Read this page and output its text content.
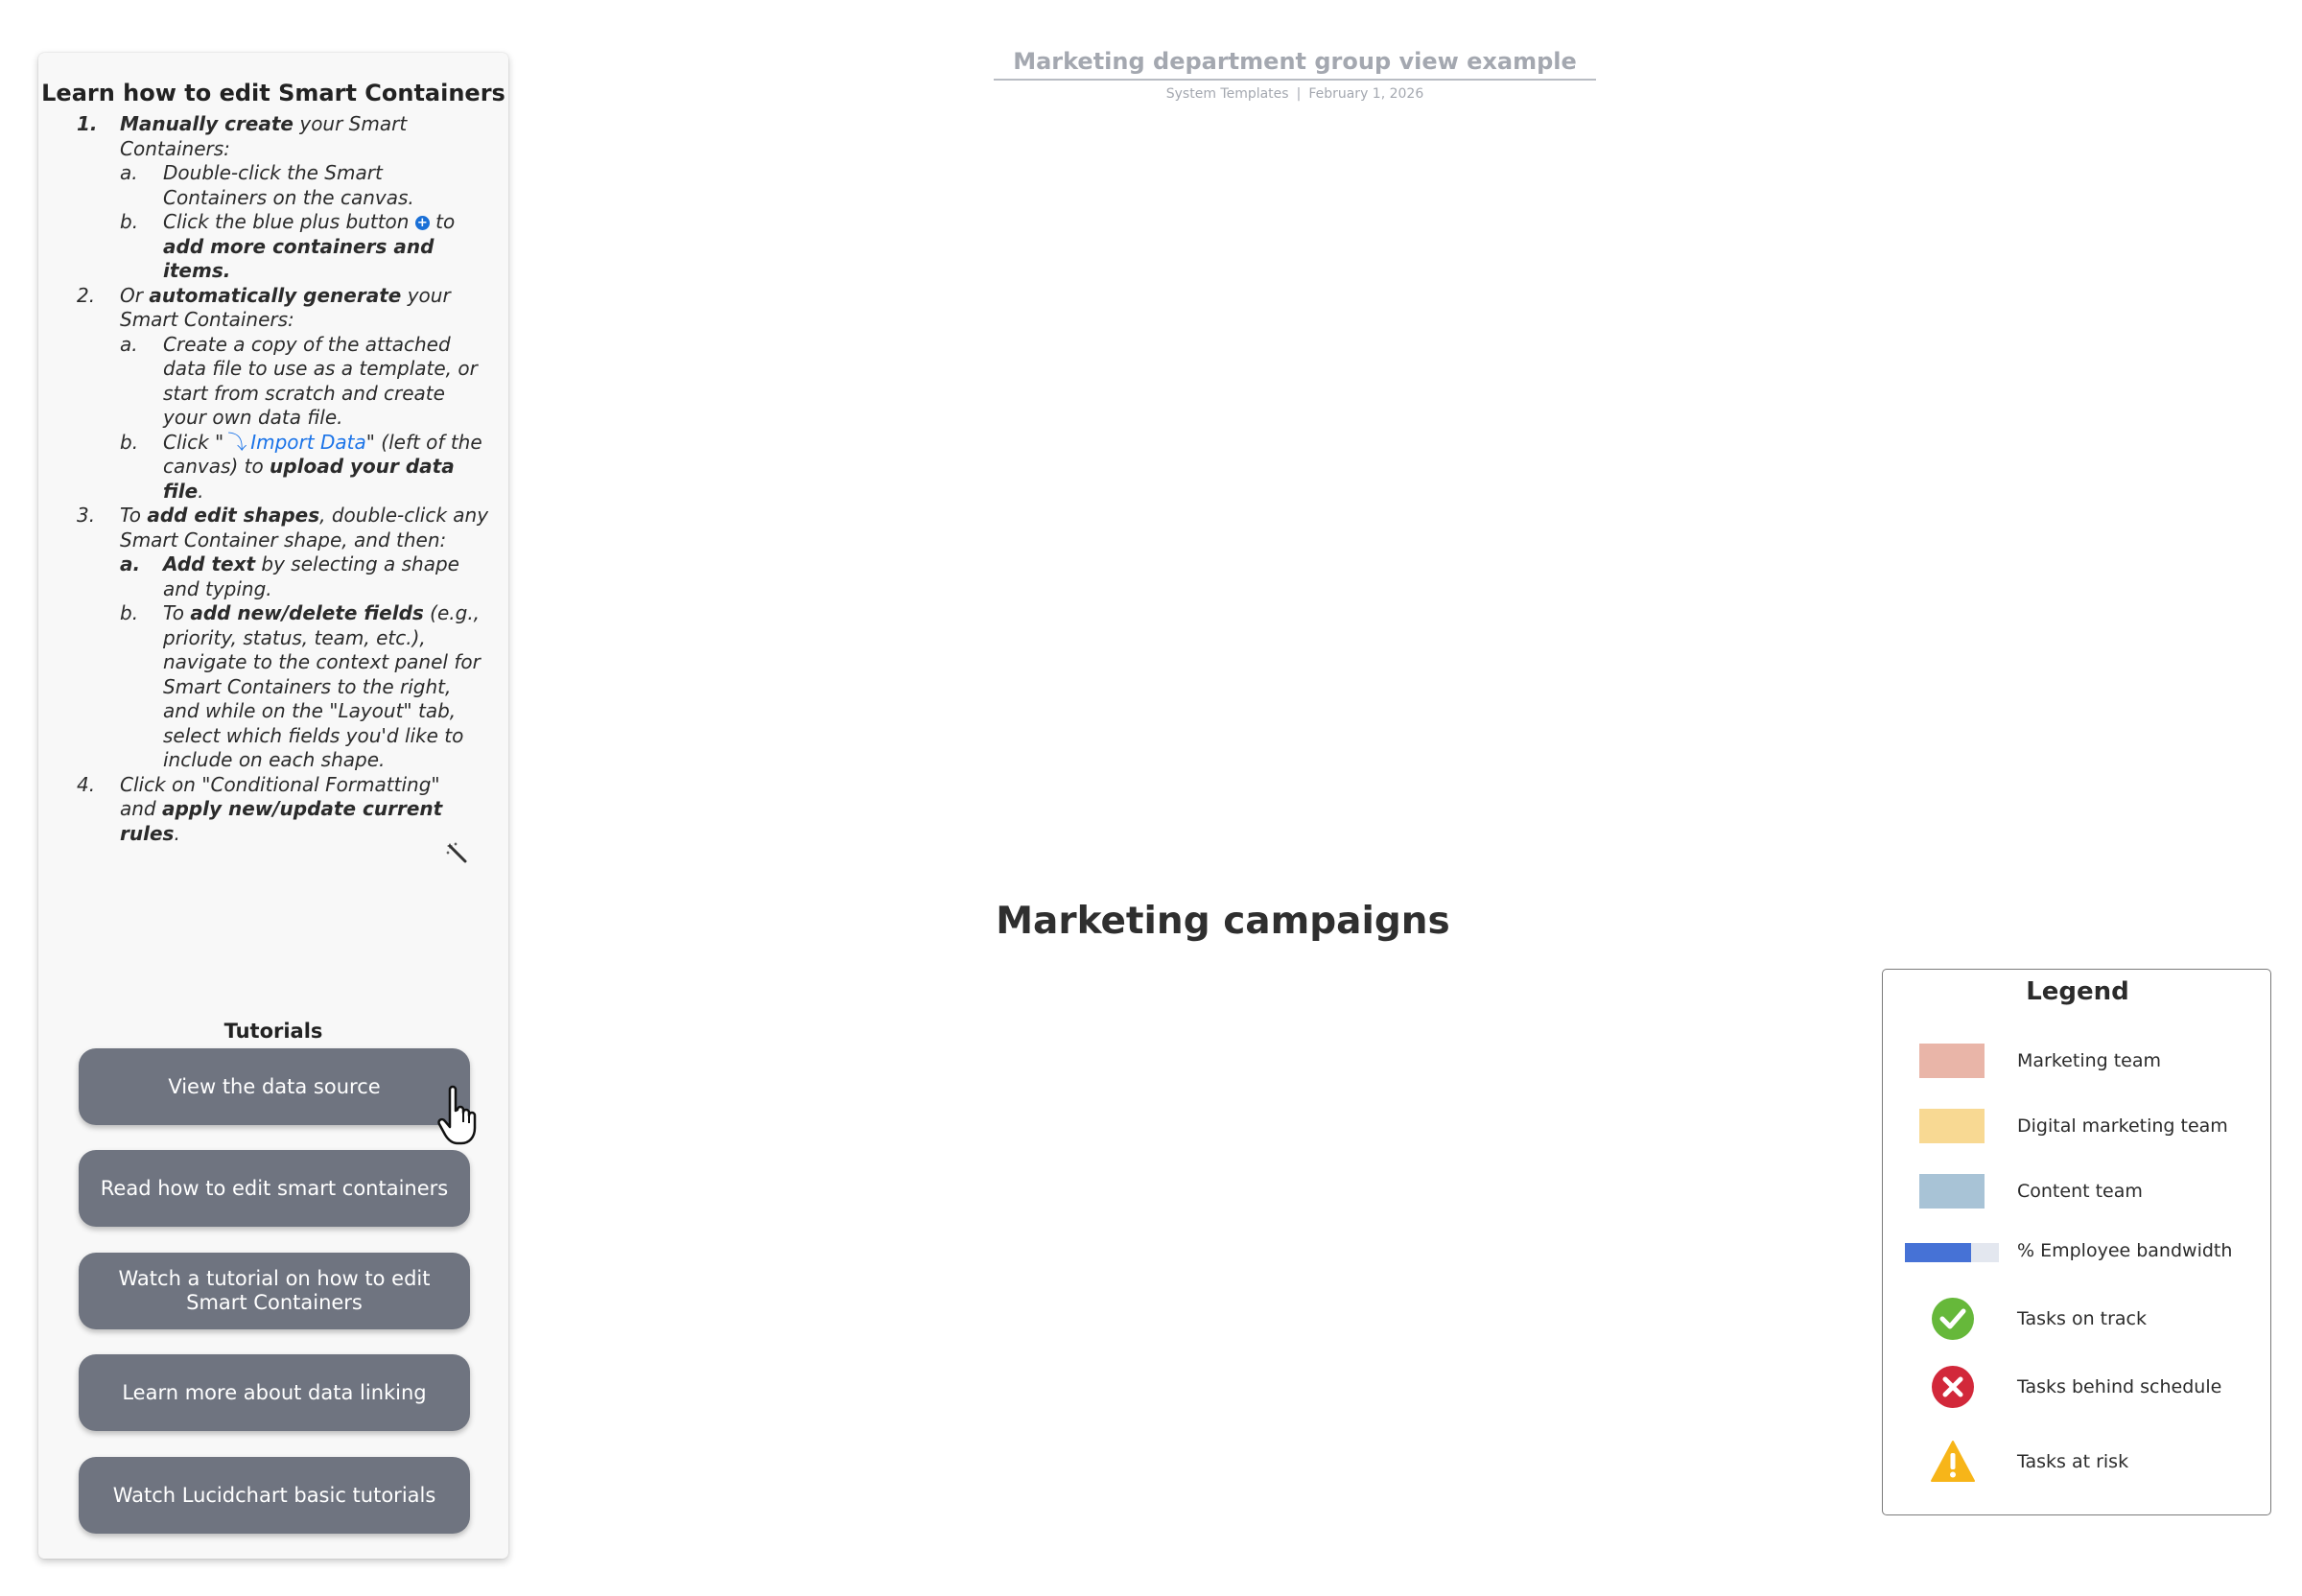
Learn how to edit Smart Containers
1.	Manually create your Smart Containers:
a.	Double-click the Smart Containers on the canvas.
b.	Click the blue plus button + to add more containers and items.
2.	Or automatically generate your Smart Containers:
a.	Create a copy of the attached data file to use as a template, or start from scratch and create your own data file.
b.	Click " ⤵ Import Data" (left of the canvas) to upload your data file.
3.	To add edit shapes, double-click any Smart Container shape, and then:
a.	Add text by selecting a shape and typing.
b.	To add new/delete fields (e.g., priority, status, team, etc.), navigate to the context panel for Smart Containers to the right, and while on the "Layout" tab, select which fields you'd like to include on each shape.
4.	Click on "Conditional Formatting" and apply new/update current rules.
Tutorials
View the data source
Read how to edit smart containers
Watch a tutorial on how to edit Smart Containers
Learn more about data linking
Watch Lucidchart basic tutorials
Marketing department group view example
System Templates | February 1, 2026
Marketing campaigns
Legend
Marketing team
Digital marketing team
Content team
% Employee bandwidth
Tasks on track
Tasks behind schedule
Tasks at risk
